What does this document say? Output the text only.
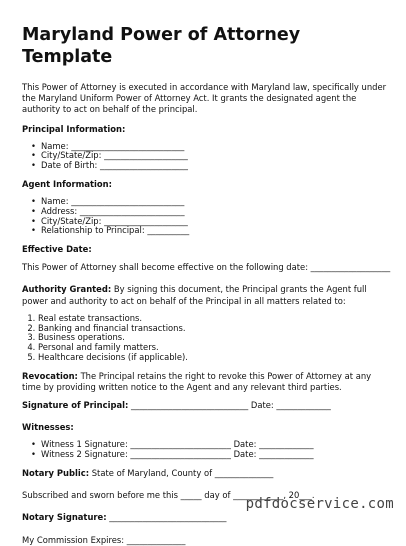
Maryland Power of Attorney Template

This Power of Attorney is executed in accordance with Maryland law, specifically under the Maryland Uniform Power of Attorney Act. It grants the designated agent the authority to act on behalf of the principal.

Principal Information:
• Name: ___________________________
• City/State/Zip: ____________________
• Date of Birth: _____________________
Agent Information:
• Name: ___________________________
• Address: _________________________
• City/State/Zip: ____________________
• Relationship to Principal: __________
Effective Date:

This Power of Attorney shall become effective on the following date: ___________________

Authority Granted: By signing this document, the Principal grants the Agent full power and authority to act on behalf of the Principal in all matters related to:

1. Real estate transactions.
2. Banking and financial transactions.
3. Business operations.
4. Personal and family matters.
5. Healthcare decisions (if applicable).

Revocation: The Principal retains the right to revoke this Power of Attorney at any time by providing written notice to the Agent and any relevant third parties.

Signature of Principal: ____________________________ Date: _____________

Witnesses:
• Witness 1 Signature: ________________________ Date: _____________
• Witness 2 Signature: ________________________ Date: _____________

Notary Public: State of Maryland, County of ______________

Subscribed and sworn before me this _____ day of ____________, 20___.

Notary Signature: ____________________________

My Commission Expires: ______________

pdfdocservice.com
